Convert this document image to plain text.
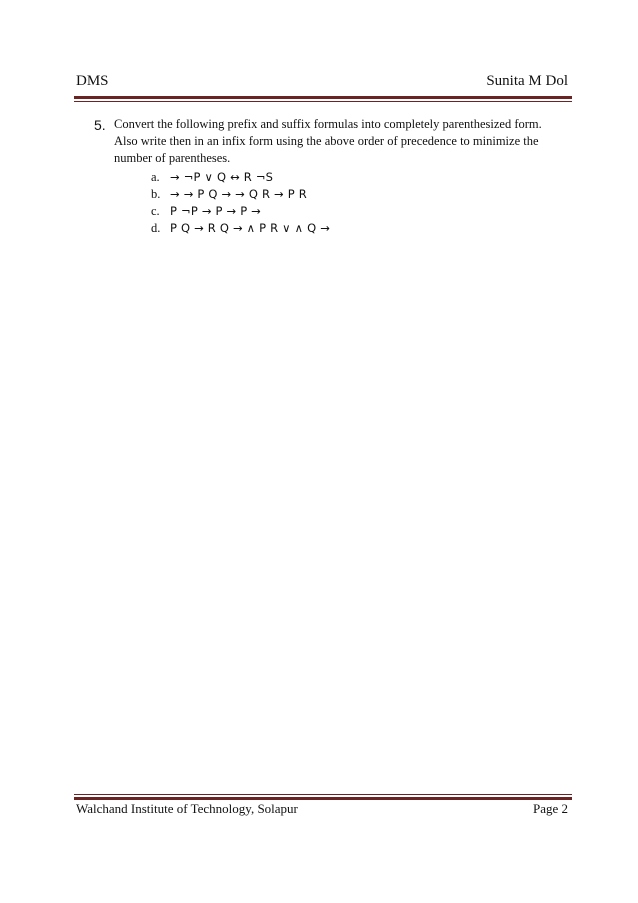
DMS	Sunita M Dol
5. Convert the following prefix and suffix formulas into completely parenthesized form.

Also write then in an infix form using the above order of precedence to minimize the

number of parentheses.

a. → ¬P ∨ Q ↔ R ¬S
b. → → P Q → → Q R → P R
c. P ¬P → P → P →
d. P Q → R Q → ∧ P R ∨ ∧ Q →
Walchand Institute of Technology, Solapur	Page 2
